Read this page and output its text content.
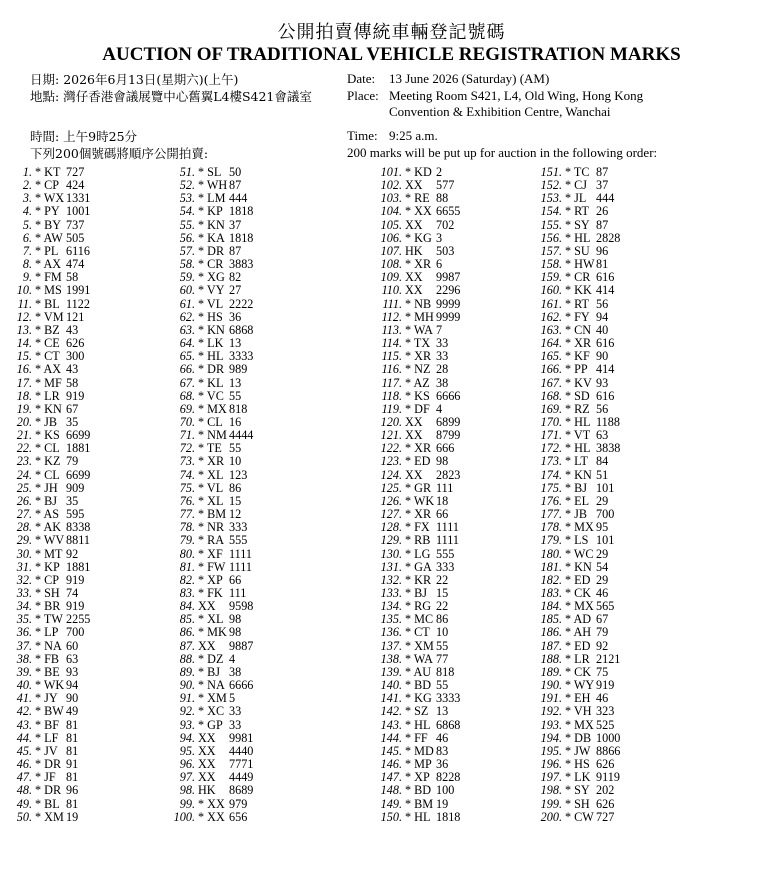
公開拍賣傳統車輛登記號碼
AUCTION OF TRADITIONAL VEHICLE REGISTRATION MARKS
日期: 2026年6月13日(星期六)(上午)
地點: 灣仔香港會議展覽中心舊翼L4樓S421會議室
Date: 13 June 2026 (Saturday) (AM)
Place: Meeting Room S421, L4, Old Wing, Hong Kong
Convention & Exhibition Centre, Wanchai
時間: 上午9時25分
下列200個號碼將順序公開拍賣:
Time: 9:25 a.m.
200 marks will be put up for auction in the following order:
1. * KT 727
2. * CP 424
3. * WX 1331
4. * PY 1001
5. * BY 737
6. * AW 505
7. * PL 6116
8. * AX 474
9. * FM 58
10. * MS 1991
11. * BL 1122
12. * VM 121
13. * BZ 43
14. * CE 626
15. * CT 300
16. * AX 43
17. * MF 58
18. * LR 919
19. * KN 67
20. * JB 35
21. * KS 6699
22. * CL 1881
23. * KZ 79
24. * CL 6699
25. * JH 909
26. * BJ 35
27. * AS 595
28. * AK 8338
29. * WV 8811
30. * MT 92
31. * KP 1881
32. * CP 919
33. * SH 74
34. * BR 919
35. * TW 2255
36. * LP 700
37. * NA 60
38. * FB 63
39. * BE 93
40. * WK 94
41. * JY 90
42. * BW 49
43. * BF 81
44. * LF 81
45. * JV 81
46. * DR 91
47. * JF 81
48. * DR 96
49. * BL 81
50. * XM 19
51. * SL 50
52. * WH 87
53. * LM 444
54. * KP 1818
55. * KN 37
56. * KA 1818
57. * DR 87
58. * CR 3883
59. * XG 82
60. * VY 27
61. * VL 2222
62. * HS 36
63. * KN 6868
64. * LK 13
65. * HL 3333
66. * DR 989
67. * KL 13
68. * VC 55
69. * MX 818
70. * CL 16
71. * NM 4444
72. * TE 55
73. * XR 10
74. * XL 123
75. * VL 86
76. * XL 15
77. * BM 12
78. * NR 333
79. * RA 555
80. * XF 1111
81. * FW 1111
82. * XP 66
83. * FK 111
84. XX	9598
85. * XL 98
86. * MK 98
87. XX	9887
88. * DZ 4
89. * BJ 38
90. * NA 6666
91. * XM 5
92. * XC 33
93. * GP 33
94. XX	9981
95. XX	4440
96. XX	7771
97. XX	4449
98. HK	8689
99. * XX 979
100. * XX 656
101. * KD 2
102. XX	577
103. * RE 88
104. * XX 6655
105. XX	702
106. * KG 3
107. HK	503
108. * XR 6
109. XX	9987
110. XX	2296
111. * NB 9999
112. * MH 9999
113. * WA 7
114. * TX 33
115. * XR 33
116. * NZ 28
117. * AZ 38
118. * KS 6666
119. * DF 4
120. XX	6899
121. XX	8799
122. * XR 666
123. * ED 98
124. XX	2823
125. * GR 111
126. * WK 18
127. * XR 66
128. * FX 1111
129. * RB 1111
130. * LG 555
131. * GA 333
132. * KR 22
133. * BJ 15
134. * RG 22
135. * MC 86
136. * CT 10
137. * XM 55
138. * WA 77
139. * AU 818
140. * BD 55
141. * KG 3333
142. * SZ 13
143. * HL 6868
144. * FF 46
145. * MD 83
146. * MP 36
147. * XP 8228
148. * BD 100
149. * BM 19
150. * HL 1818
151. * TC 87
152. * CJ 37
153. * JL 444
154. * RT 26
155. * SY 87
156. * HL 2828
157. * SU 96
158. * HW 81
159. * CR 616
160. * KK 414
161. * RT 56
162. * FY 94
163. * CN 40
164. * XR 616
165. * KF 90
166. * PP 414
167. * KV 93
168. * SD 616
169. * RZ 56
170. * HL 1188
171. * VT 63
172. * HL 3838
173. * LT 84
174. * KN 51
175. * BJ 101
176. * EL 29
177. * JB 700
178. * MX 95
179. * LS 101
180. * WC 29
181. * KN 54
182. * ED 29
183. * CK 46
184. * MX 565
185. * AD 67
186. * AH 79
187. * ED 92
188. * LR 2121
189. * CK 75
190. * WY 919
191. * EH 46
192. * VH 323
193. * MX 525
194. * DB 1000
195. * JW 8866
196. * HS 626
197. * LK 9119
198. * SY 202
199. * SH 626
200. * CW 727
